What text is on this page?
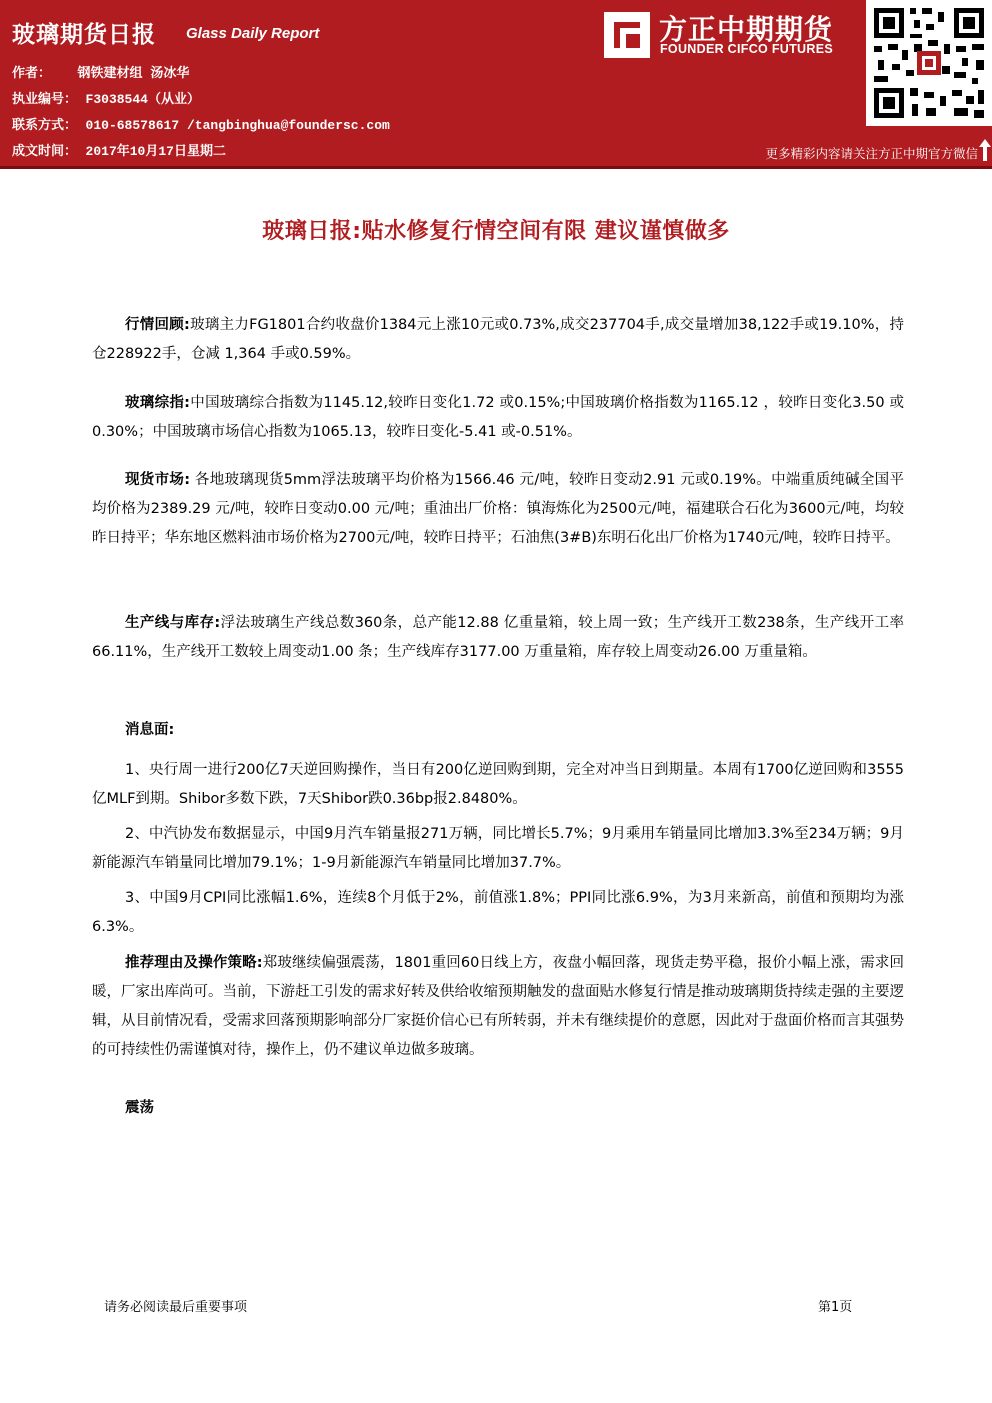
玻璃期货日报 Glass Daily Report
作者： 钢铁建材组 汤冰华
执业编号： F3038544（从业）
联系方式： 010-68578617 /tangbinghua@foundersc.com
成文时间： 2017年10月17日星期二
方正中期期货
FOUNDER CIFCO FUTURES
更多精彩内容请关注方正中期官方微信
玻璃日报:贴水修复行情空间有限 建议谨慎做多
行情回顾:玻璃主力FG1801合约收盘价1384元上涨10元或0.73%,成交237704手,成交量增加38,122手或19.10%，持仓228922手，仓减 1,364 手或0.59%。
玻璃综指:中国玻璃综合指数为1145.12,较昨日变化1.72 或0.15%;中国玻璃价格指数为1165.12 ，较昨日变化3.50 或0.30%；中国玻璃市场信心指数为1065.13，较昨日变化-5.41 或-0.51%。
现货市场: 各地玻璃现货5mm浮法玻璃平均价格为1566.46 元/吨，较昨日变动2.91 元或0.19%。中端重质纯碱全国平均价格为2389.29 元/吨，较昨日变动0.00 元/吨；重油出厂价格：镇海炼化为2500元/吨，福建联合石化为3600元/吨，均较昨日持平；华东地区燃料油市场价格为2700元/吨，较昨日持平；石油焦(3#B)东明石化出厂价格为1740元/吨，较昨日持平。
生产线与库存:浮法玻璃生产线总数360条，总产能12.88 亿重量箱，较上周一致；生产线开工数238条，生产线开工率66.11%，生产线开工数较上周变动1.00 条；生产线库存3177.00 万重量箱，库存较上周变动26.00 万重量箱。
消息面:
1、央行周一进行200亿7天逆回购操作，当日有200亿逆回购到期，完全对冲当日到期量。本周有1700亿逆回购和3555亿MLF到期。Shibor多数下跌，7天Shibor跌0.36bp报2.8480%。
2、中汽协发布数据显示，中国9月汽车销量报271万辆，同比增长5.7%；9月乘用车销量同比增加3.3%至234万辆；9月新能源汽车销量同比增加79.1%；1-9月新能源汽车销量同比增加37.7%。
3、中国9月CPI同比涨幅1.6%，连续8个月低于2%，前值涨1.8%；PPI同比涨6.9%，为3月来新高，前值和预期均为涨6.3%。
推荐理由及操作策略:郑玻继续偏强震荡，1801重回60日线上方，夜盘小幅回落，现货走势平稳，报价小幅上涨，需求回暖，厂家出库尚可。当前，下游赶工引发的需求好转及供给收缩预期触发的盘面贴水修复行情是推动玻璃期货持续走强的主要逻辑，从目前情况看，受需求回落预期影响部分厂家挺价信心已有所转弱，并未有继续提价的意愿，因此对于盘面价格而言其强势的可持续性仍需谨慎对待，操作上，仍不建议单边做多玻璃。
震荡
请务必阅读最后重要事项	第1页
